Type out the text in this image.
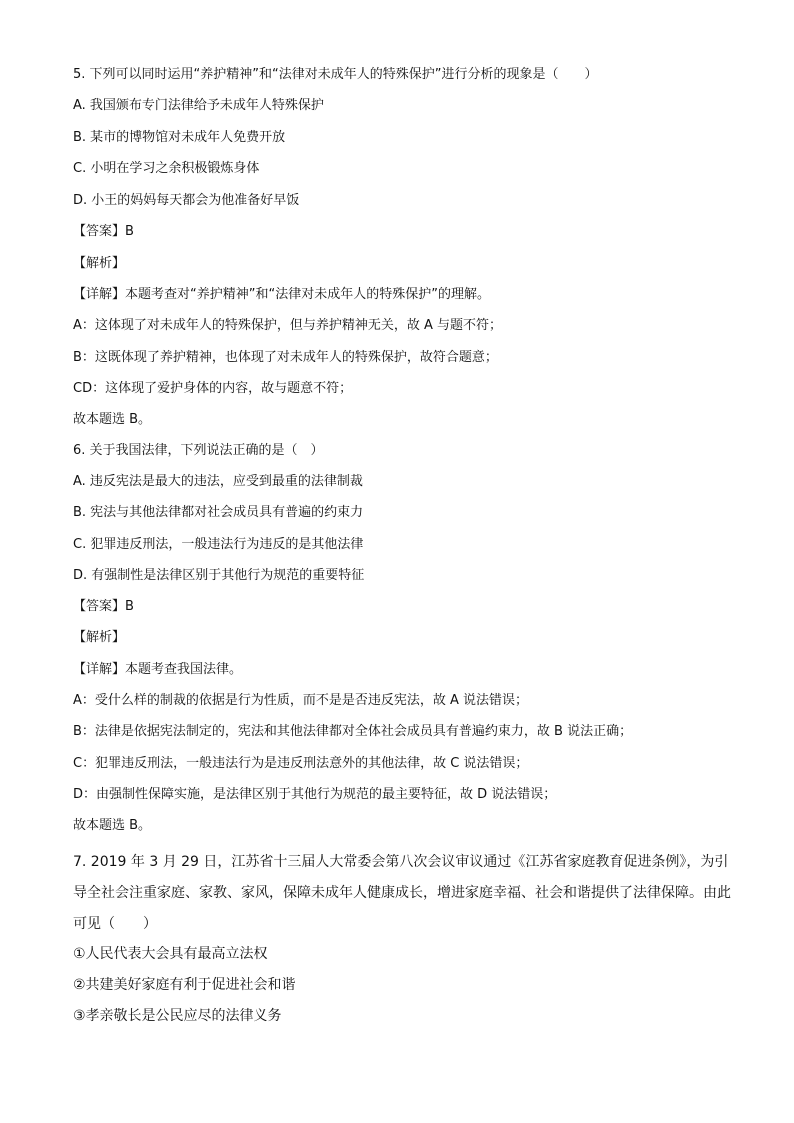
5. 下列可以同时运用“养护精神”和“法律对未成年人的特殊保护”进行分析的现象是（　　）
A. 我国颁布专门法律给予未成年人特殊保护
B. 某市的博物馆对未成年人免费开放
C. 小明在学习之余积极锻炼身体
D. 小王的妈妈每天都会为他准备好早饭
【答案】B
【解析】
【详解】本题考查对“养护精神”和“法律对未成年人的特殊保护”的理解。
A：这体现了对未成年人的特殊保护，但与养护精神无关，故 A 与题不符；
B：这既体现了养护精神，也体现了对未成年人的特殊保护，故符合题意；
CD：这体现了爱护身体的内容，故与题意不符；
故本题选 B。
6. 关于我国法律，下列说法正确的是（　）
A. 违反宪法是最大的违法，应受到最重的法律制裁
B. 宪法与其他法律都对社会成员具有普遍的约束力
C. 犯罪违反刑法，一般违法行为违反的是其他法律
D. 有强制性是法律区别于其他行为规范的重要特征
【答案】B
【解析】
【详解】本题考查我国法律。
A：受什么样的制裁的依据是行为性质，而不是是否违反宪法，故 A 说法错误；
B：法律是依据宪法制定的，宪法和其他法律都对全体社会成员具有普遍约束力，故 B 说法正确；
C：犯罪违反刑法，一般违法行为是违反刑法意外的其他法律，故 C 说法错误；
D：由强制性保障实施，是法律区别于其他行为规范的最主要特征，故 D 说法错误；
故本题选 B。
7. 2019 年 3 月 29 日，江苏省十三届人大常委会第八次会议审议通过《江苏省家庭教育促进条例》，为引导全社会注重家庭、家教、家风，保障未成年人健康成长，增进家庭幸福、社会和谐提供了法律保障。由此可见（　　）
①人民代表大会具有最高立法权
②共建美好家庭有利于促进社会和谐
③孝亲敬长是公民应尽的法律义务
